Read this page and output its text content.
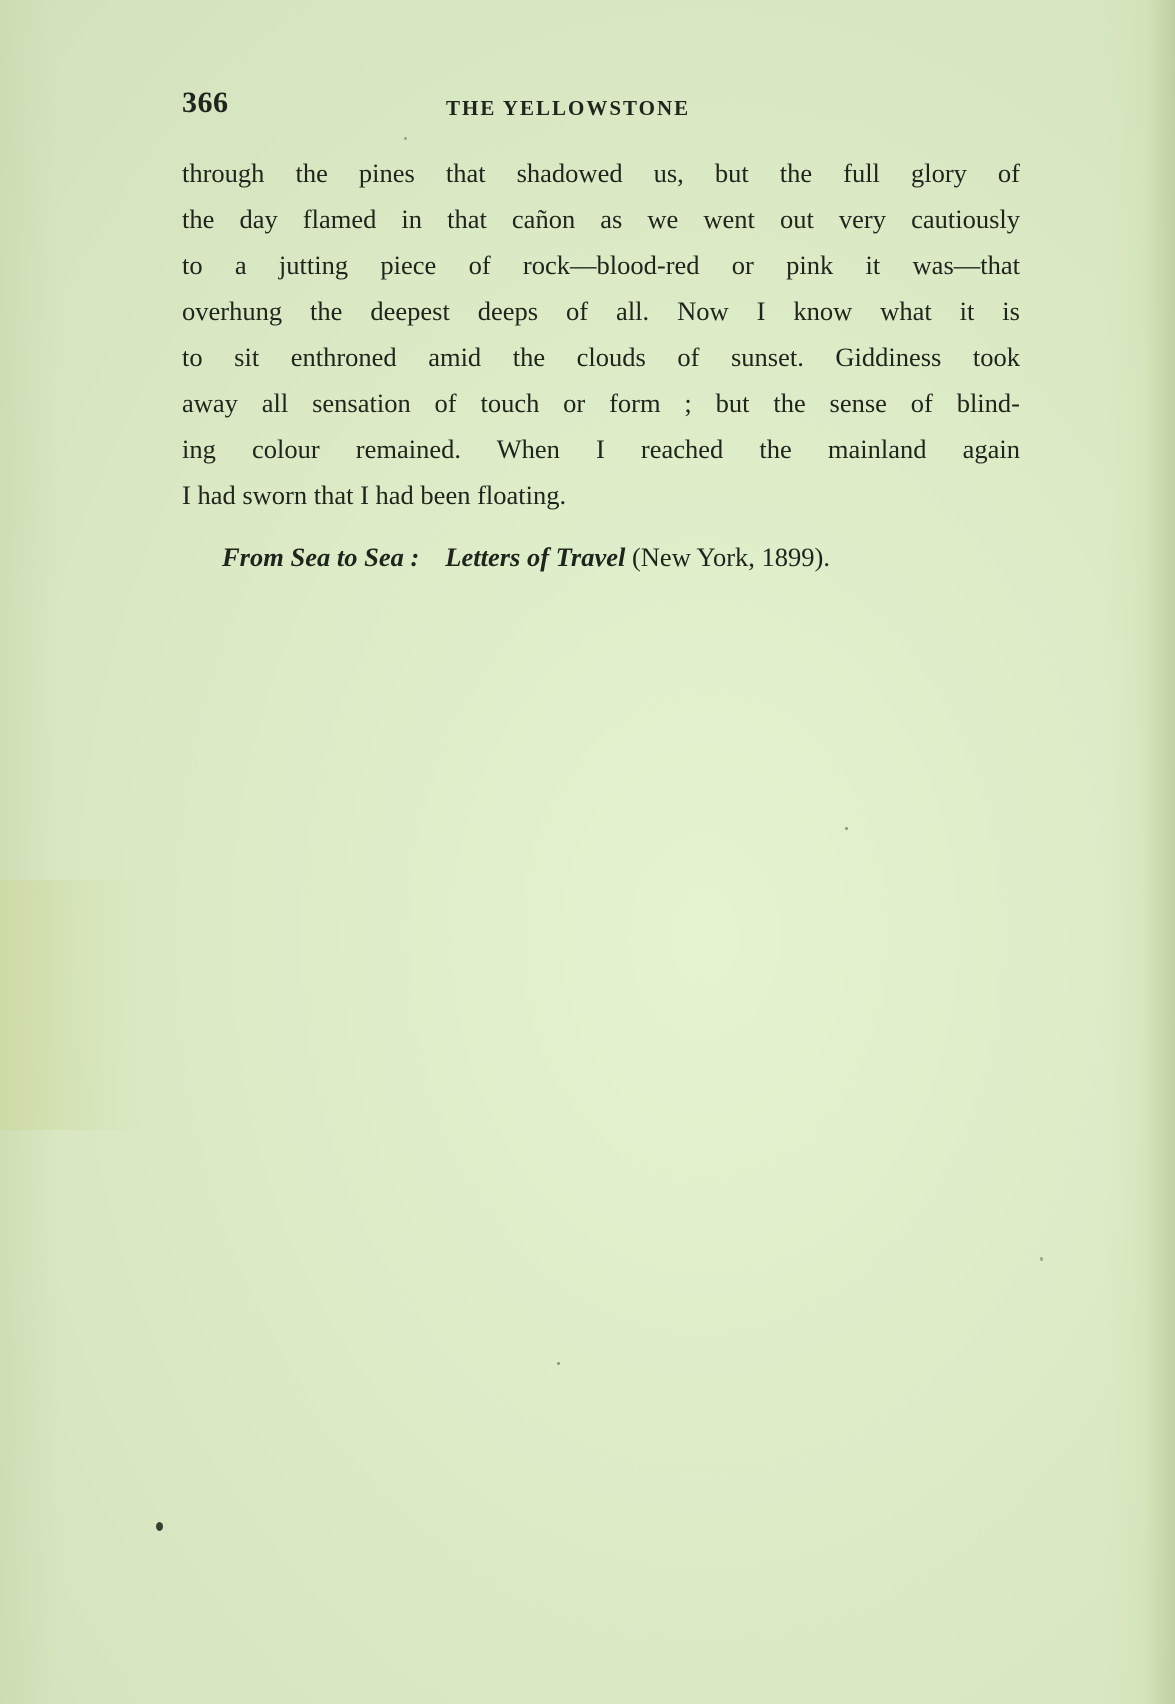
366	THE YELLOWSTONE
through the pines that shadowed us, but the full glory of
the day flamed in that cañon as we went out very cautiously
to a jutting piece of rock—blood-red or pink it was—that
overhung the deepest deeps of all. Now I know what it is
to sit enthroned amid the clouds of sunset. Giddiness took
away all sensation of touch or form ; but the sense of blind-
ing colour remained. When I reached the mainland again
I had sworn that I had been floating.
From Sea to Sea : Letters of Travel (New York, 1899).
